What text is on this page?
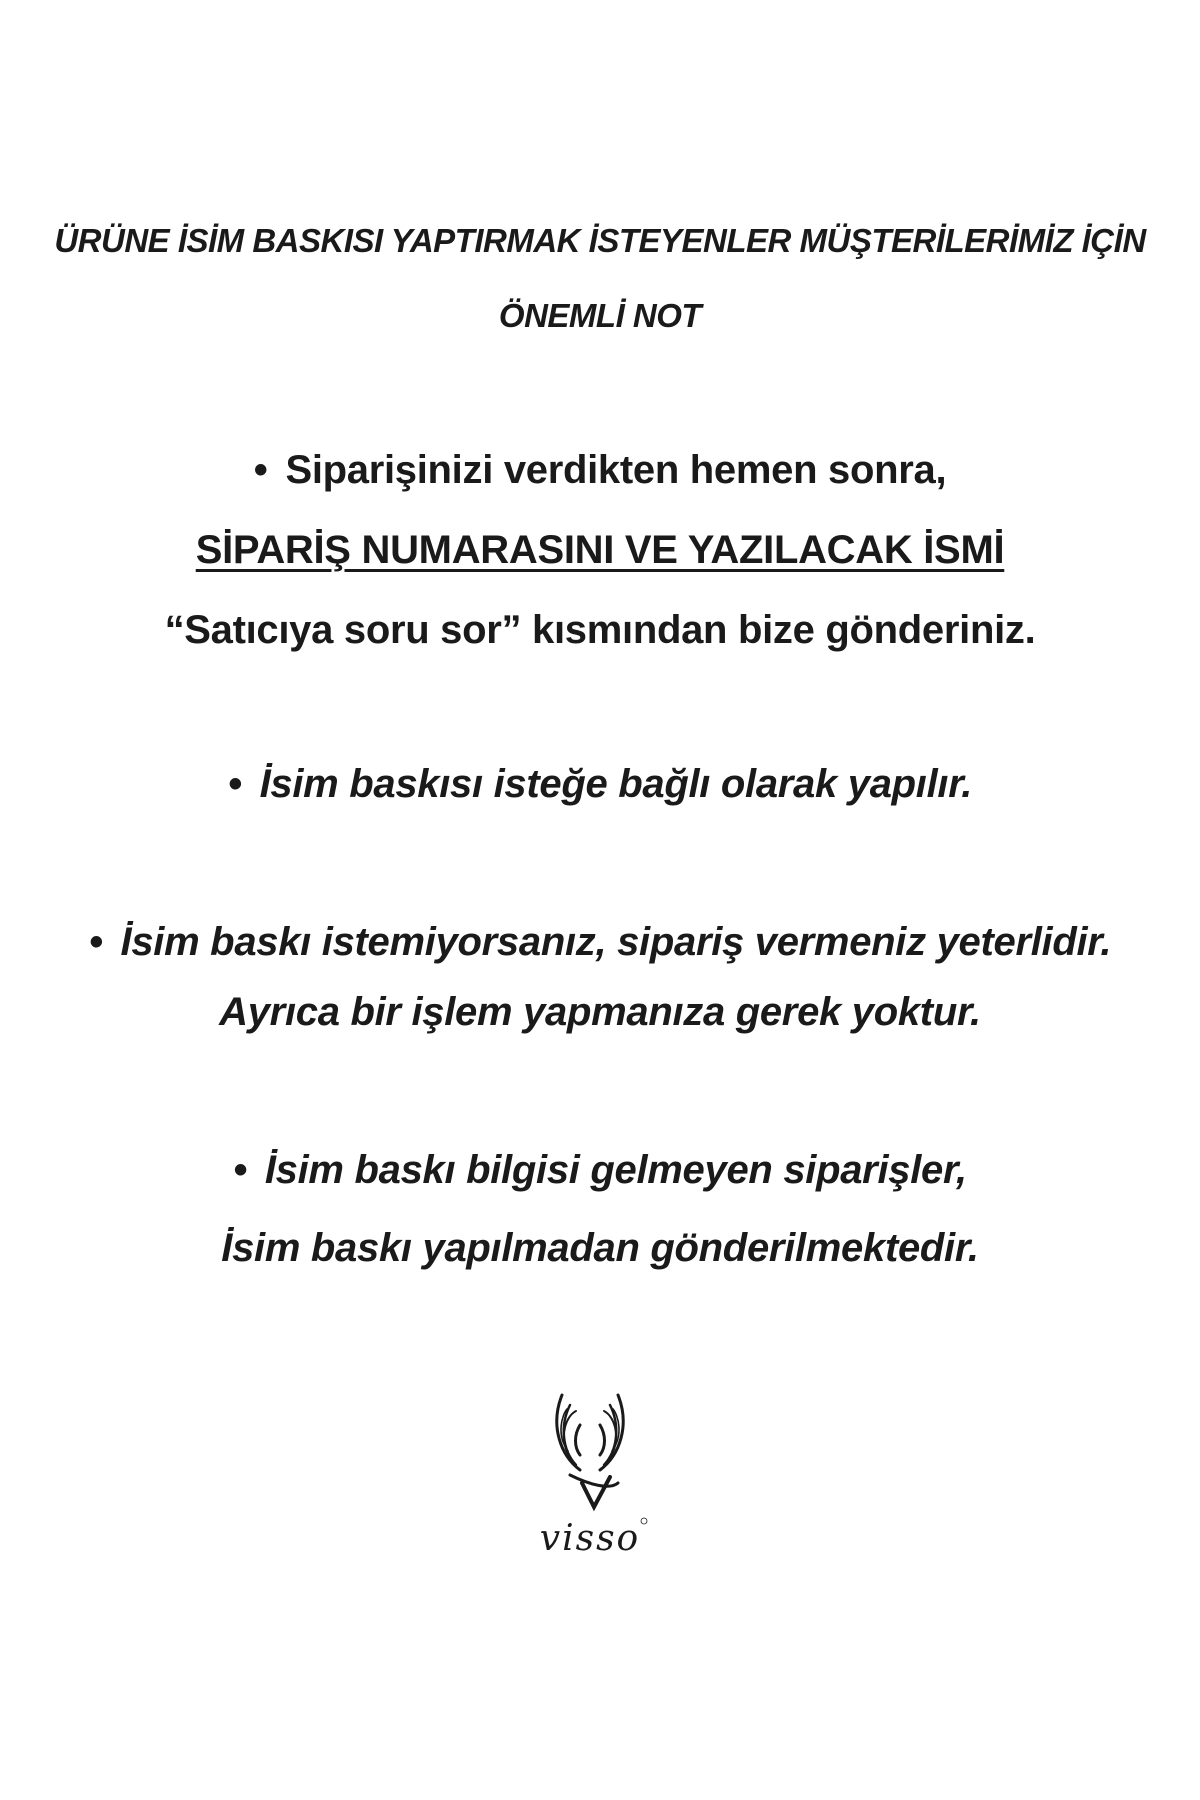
ÜRÜNE İSİM BASKISI YAPTIRMAK İSTEYENLER MÜŞTERİLERİMİZ İÇİN
ÖNEMLİ NOT
• Siparişinizi verdikten hemen sonra,
SİPARİŞ NUMARASINI VE YAZILACAK İSMİ
“Satıcıya soru sor” kısmından bize gönderiniz.
• İsim baskısı isteğe bağlı olarak yapılır.
• İsim baskı istemiyorsanız, sipariş vermeniz yeterlidir.
Ayrıca bir işlem yapmanıza gerek yoktur.
• İsim baskı bilgisi gelmeyen siparişler,
İsim baskı yapılmadan gönderilmektedir.
visso
